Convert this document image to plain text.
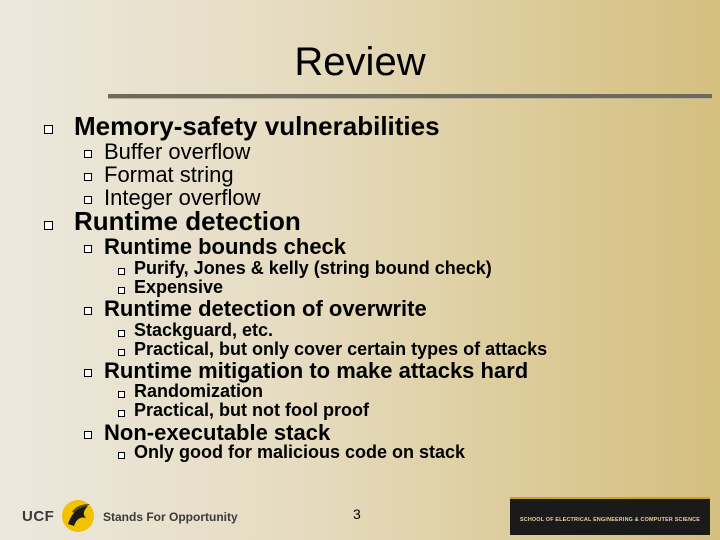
Review
Memory-safety vulnerabilities
Buffer overflow
Format string
Integer overflow
Runtime detection
Runtime bounds check
Purify, Jones & kelly (string bound check)
Expensive
Runtime detection of overwrite
Stackguard, etc.
Practical, but only cover certain types of attacks
Runtime mitigation to make attacks hard
Randomization
Practical, but not fool proof
Non-executable stack
Only good for malicious code on stack
UCF	Stands For Opportunity	3	SCHOOL OF ELECTRICAL ENGINEERING & COMPUTER SCIENCE
